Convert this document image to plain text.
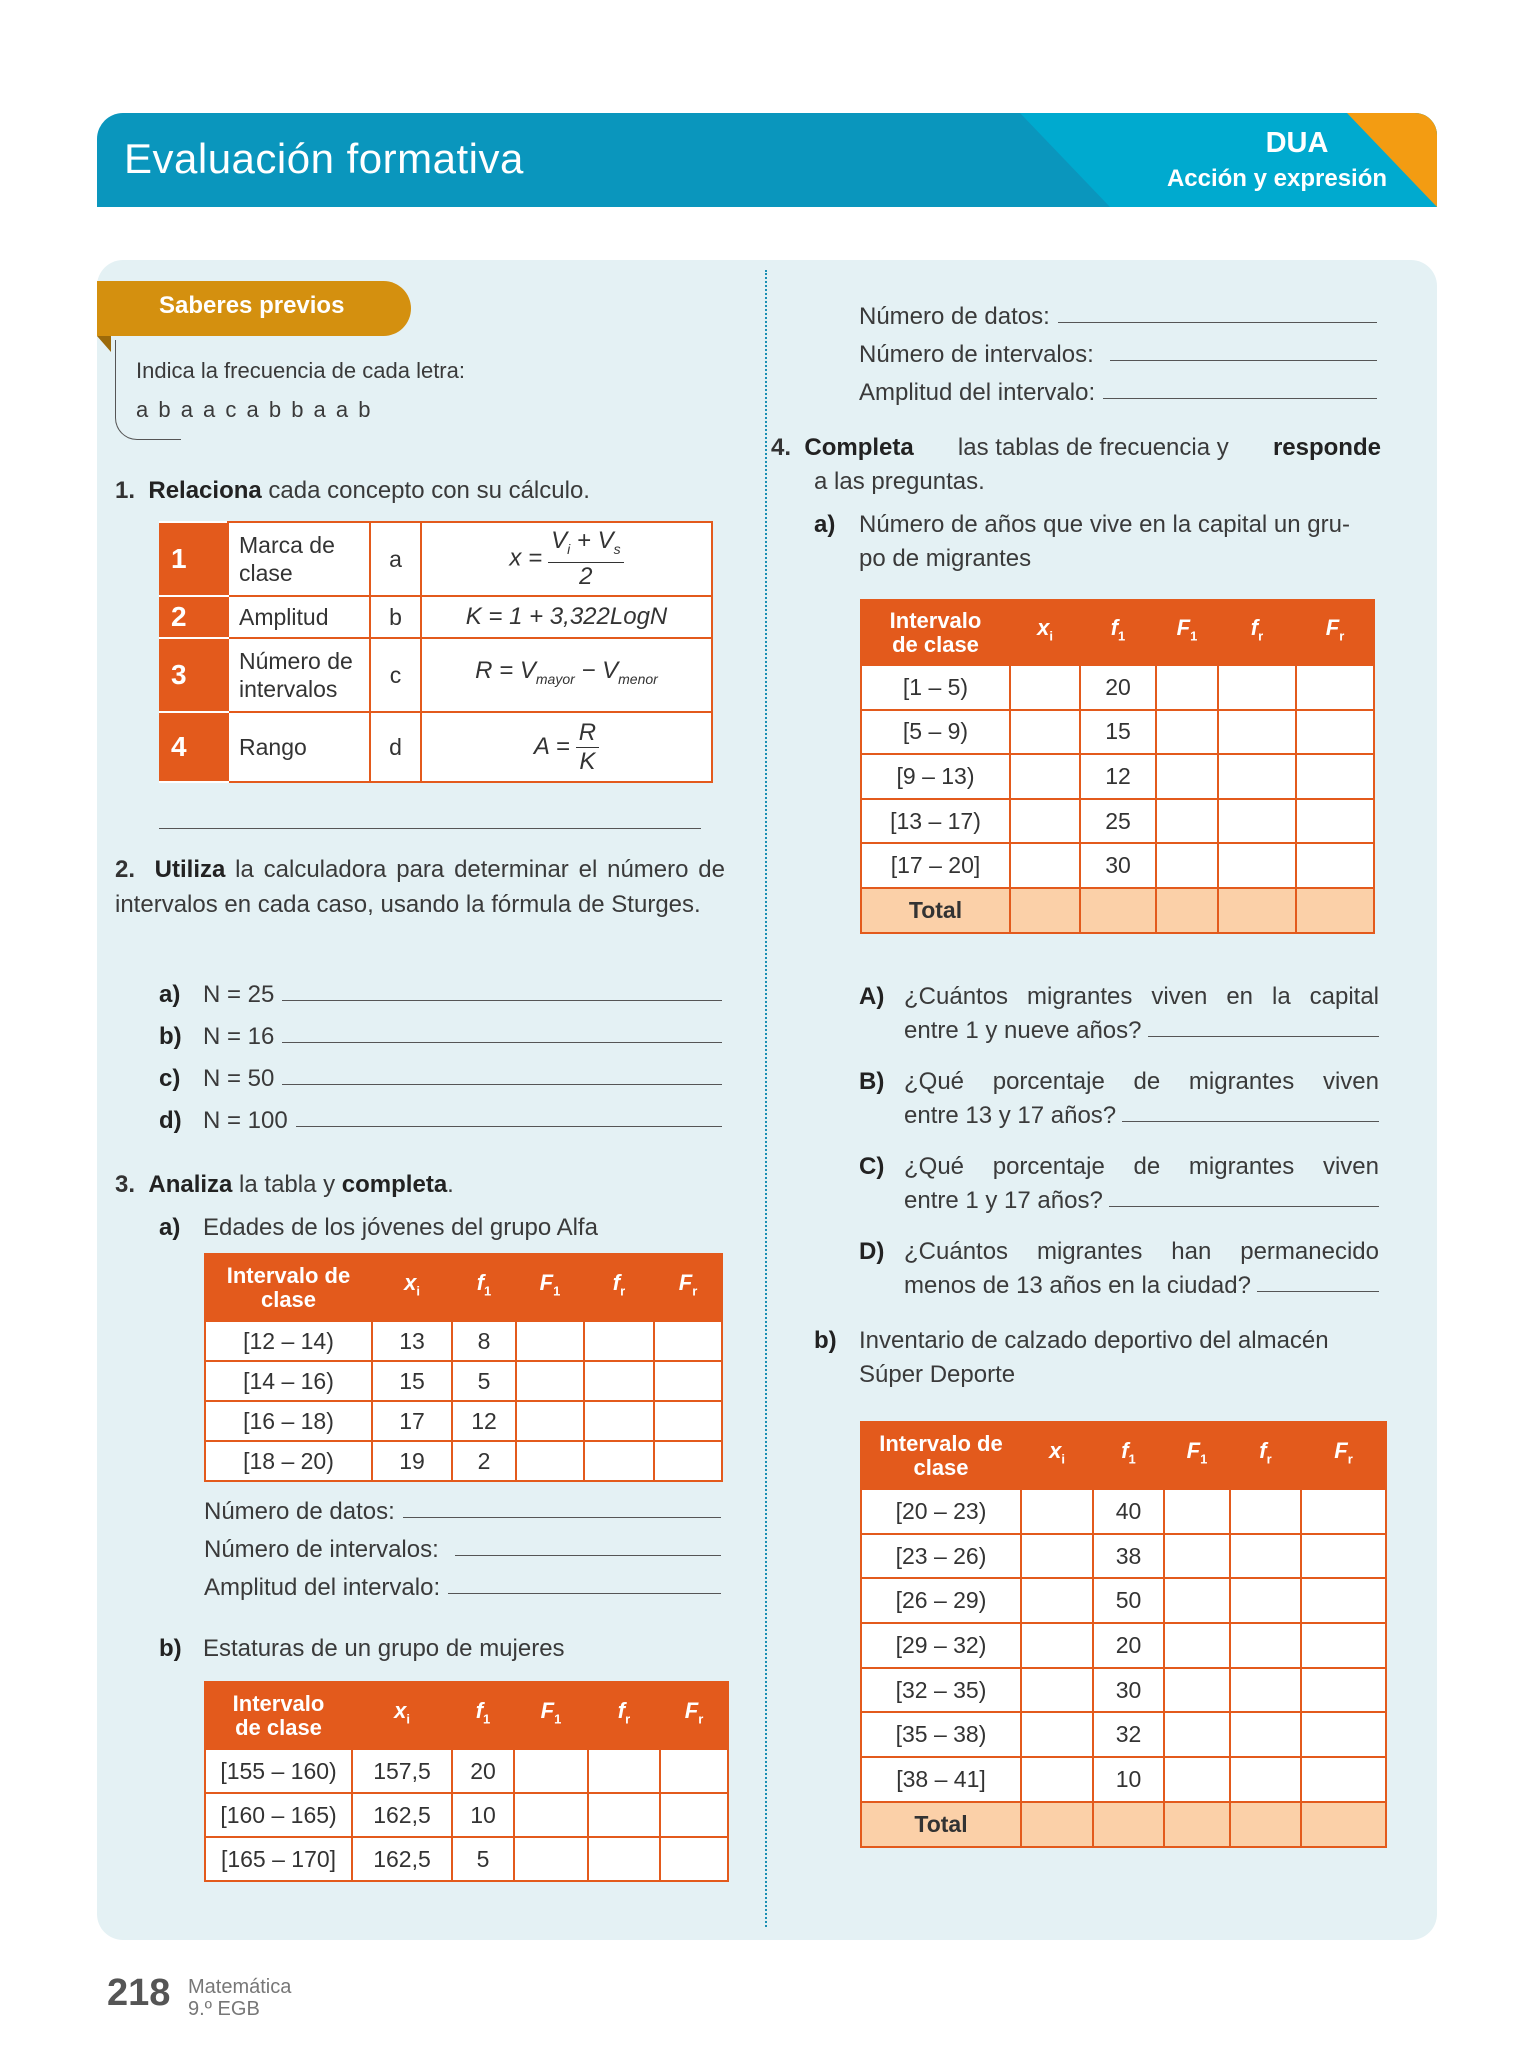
Evaluación formativa	DUA
Acción y expresión
Saberes previos
Indica la frecuencia de cada letra:
a b a a c a b b a a b
1. Relaciona cada concepto con su cálculo.
1	Marca de clase	a	$x = \frac{V_i + V_s}{2}$

2	Amplitud	b	K = 1 + 3,322LogN
3	Número de intervalos	c	$R = V_{mayor} - V_{menor}$
4	Rango	d	$A = \frac{R}{K}$
2. Utiliza la calculadora para determinar el número de intervalos en cada caso, usando la fórmula de Sturges.
a) N = 25
b) N = 16
c) N = 50
d) N = 100
3. Analiza la tabla y completa.
a) Edades de los jóvenes del grupo Alfa
Intervalo de clase	$x_i$	$f_1$	$F_1$	$f_r$	$F_r$
[12 – 14)	13	8			
[14 – 16)	15	5			
[16 – 18)	17	12			
[18 – 20)	19	2			
Número de datos:
Número de intervalos:
Amplitud del intervalo:
b) Estaturas de un grupo de mujeres
Intervalo de clase	$x_i$	$f_1$	$F_1$	$f_r$	$F_r$
[155 – 160)	157,5	20			
[160 – 165)	162,5	10			
[165 – 170]	162,5	5			
Número de datos:
Número de intervalos:
Amplitud del intervalo:
4. Completa las tablas de frecuencia y responde
a las preguntas.
a) Número de años que vive en la capital un gru-
po de migrantes
Intervalo de clase	$x_i$	$f_1$	$F_1$	$f_r$	$F_r$
[1 – 5)		20			
[5 – 9)		15			
[9 – 13)		12			
[13 – 17)		25			
[17 – 20]		30			
Total					
A) ¿Cuántos migrantes viven en la capital
entre 1 y nueve años?
B) ¿Qué porcentaje de migrantes viven
entre 13 y 17 años?
C) ¿Qué porcentaje de migrantes viven
entre 1 y 17 años?
D) ¿Cuántos migrantes han permanecido
menos de 13 años en la ciudad?
b) Inventario de calzado deportivo del almacén
Súper Deporte
Intervalo de clase	$x_i$	$f_1$	$F_1$	$f_r$	$F_r$
[20 – 23)		40			
[23 – 26)		38			
[26 – 29)		50			
[29 – 32)		20			
[32 – 35)		30			
[35 – 38)		32			
[38 – 41]		10			
Total					
218 Matemática
9.º EGB
